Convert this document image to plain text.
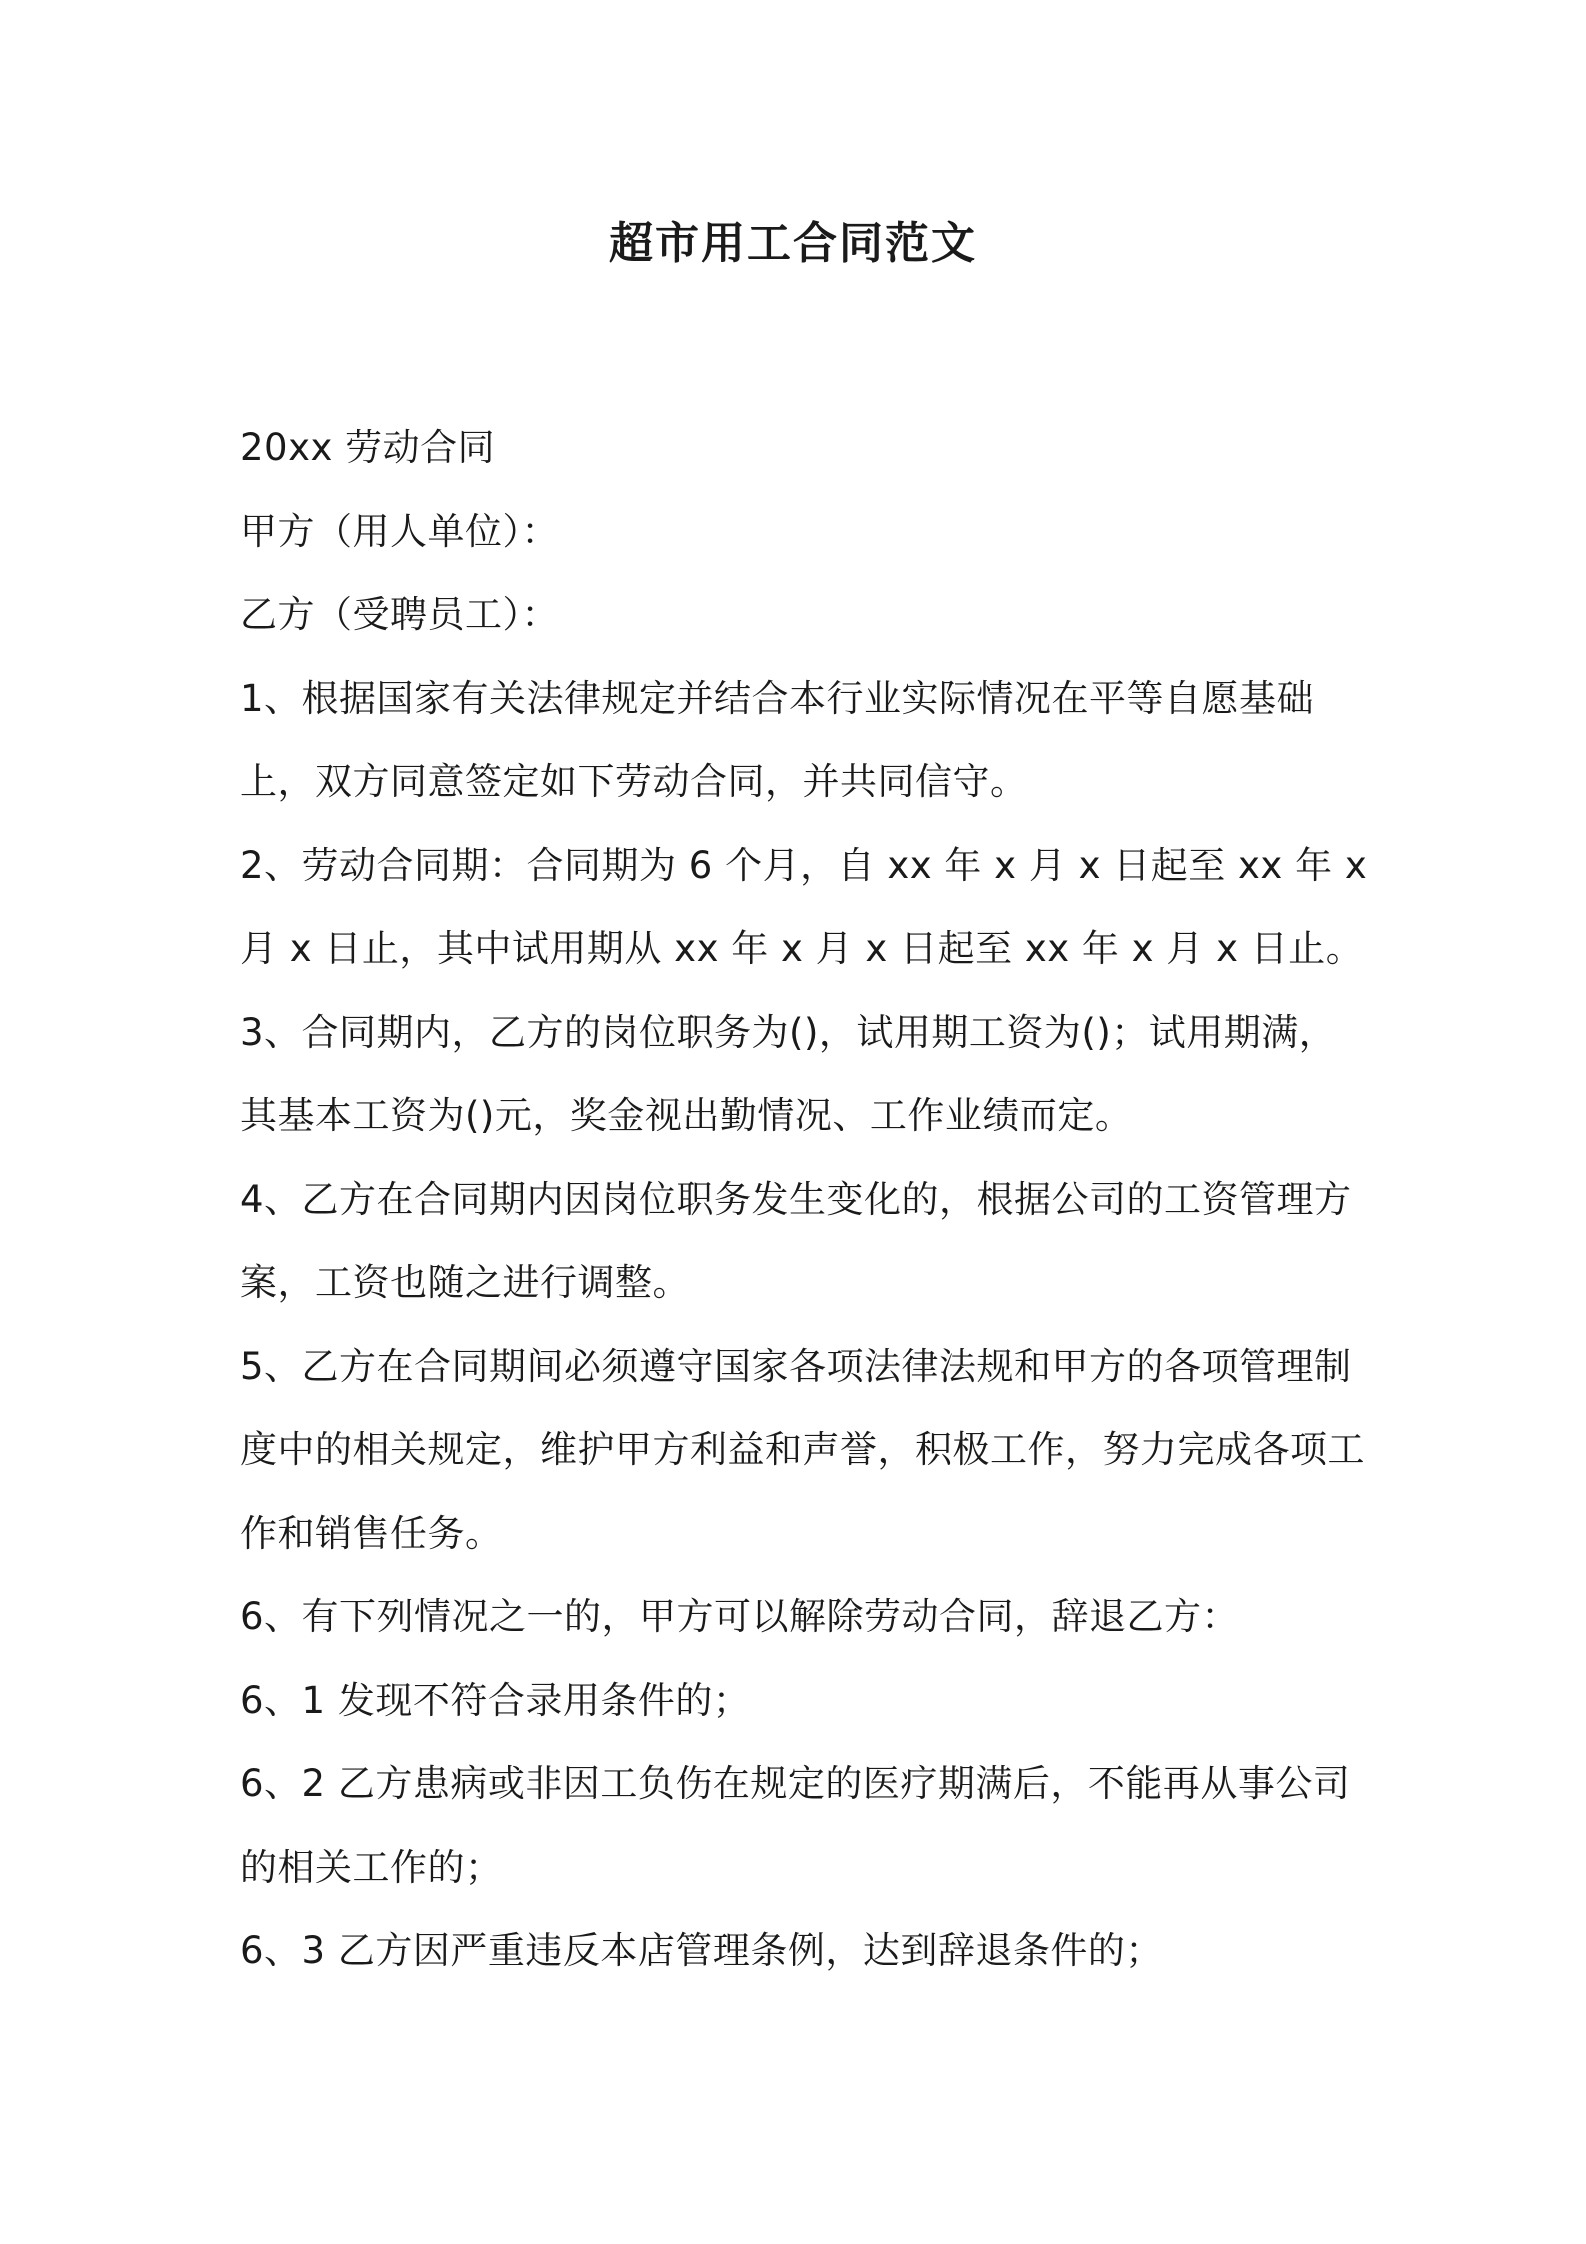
超市用工合同范文

20xx 劳动合同

甲方（用人单位）：

乙方（受聘员工）：

1、根据国家有关法律规定并结合本行业实际情况在平等自愿基础上，双方同意签定如下劳动合同，并共同信守。

2、劳动合同期：合同期为 6 个月，自 xx 年 x 月 x 日起至 xx 年 x 月 x 日止，其中试用期从 xx 年 x 月 x 日起至 xx 年 x 月 x 日止。

3、合同期内，乙方的岗位职务为()，试用期工资为()；试用期满，其基本工资为()元，奖金视出勤情况、工作业绩而定。

4、乙方在合同期内因岗位职务发生变化的，根据公司的工资管理方案，工资也随之进行调整。

5、乙方在合同期间必须遵守国家各项法律法规和甲方的各项管理制度中的相关规定，维护甲方利益和声誉，积极工作，努力完成各项工作和销售任务。

6、有下列情况之一的，甲方可以解除劳动合同，辞退乙方：

6、1 发现不符合录用条件的；

6、2 乙方患病或非因工负伤在规定的医疗期满后，不能再从事公司的相关工作的；

6、3 乙方因严重违反本店管理条例，达到辞退条件的；
